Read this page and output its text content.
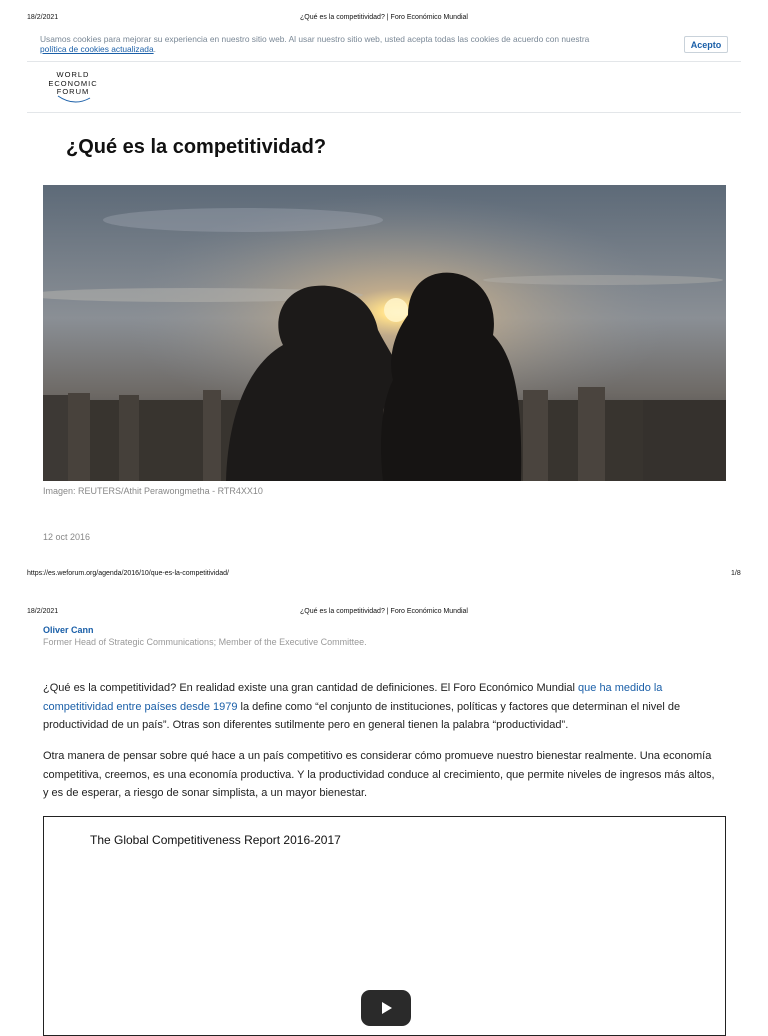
18/2/2021	¿Qué es la competitividad? | Foro Económico Mundial
Usamos cookies para mejorar su experiencia en nuestro sitio web. Al usar nuestro sitio web, usted acepta todas las cookies de acuerdo con nuestra
política de cookies actualizada.	Acepto
WORLD
ECONOMIC
FORUM
¿Qué es la competitividad?
Imagen: REUTERS/Athit Perawongmetha - RTR4XX10
12 oct 2016
https://es.weforum.org/agenda/2016/10/que-es-la-competitividad/	1/8
18/2/2021	¿Qué es la competitividad? | Foro Económico Mundial
Oliver Cann
Former Head of Strategic Communications; Member of the Executive Committee.
¿Qué es la competitividad? En realidad existe una gran cantidad de definiciones. El Foro Económico Mundial que ha medido la competitividad entre países desde 1979 la define como “el conjunto de instituciones, políticas y factores que determinan el nivel de productividad de un país”. Otras son diferentes sutilmente pero en general tienen la palabra “productividad”.
Otra manera de pensar sobre qué hace a un país competitivo es considerar cómo promueve nuestro bienestar realmente. Una economía competitiva, creemos, es una economía productiva. Y la productividad conduce al crecimiento, que permite niveles de ingresos más altos, y es de esperar, a riesgo de sonar simplista, a un mayor bienestar.
The Global Competitiveness Report 2016-2017
